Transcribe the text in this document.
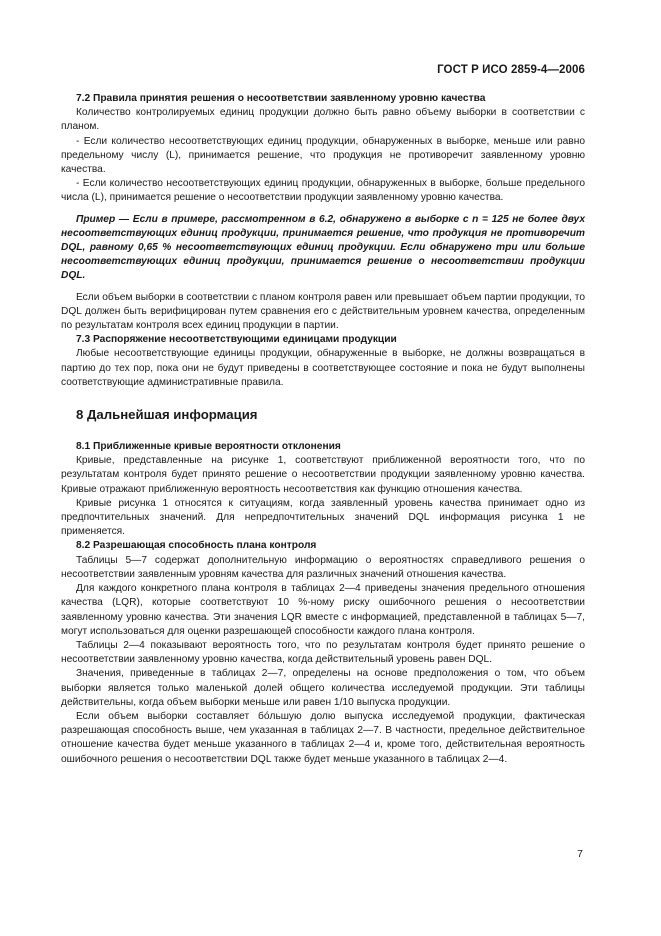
ГОСТ Р ИСО 2859-4—2006

7.2 Правила принятия решения о несоответствии заявленному уровню качества

Количество контролируемых единиц продукции должно быть равно объему выборки в соответствии с планом.

- Если количество несоответствующих единиц продукции, обнаруженных в выборке, меньше или равно предельному числу (L), принимается решение, что продукция не противоречит заявленному уровню качества.

- Если количество несоответствующих единиц продукции, обнаруженных в выборке, больше предельного числа (L), принимается решение о несоответствии продукции заявленному уровню качества.

Пример — Если в примере, рассмотренном в 6.2, обнаружено в выборке с n = 125 не более двух несоответствующих единиц продукции, принимается решение, что продукция не противоречит DQL, равному 0,65 % несоответствующих единиц продукции. Если обнаружено три или больше несоответствующих единиц продукции, принимается решение о несоответствии продукции DQL.

Если объем выборки в соответствии с планом контроля равен или превышает объем партии продукции, то DQL должен быть верифицирован путем сравнения его с действительным уровнем качества, определенным по результатам контроля всех единиц продукции в партии.

7.3 Распоряжение несоответствующими единицами продукции

Любые несоответствующие единицы продукции, обнаруженные в выборке, не должны возвращаться в партию до тех пор, пока они не будут приведены в соответствующее состояние и пока не будут выполнены соответствующие административные правила.

8 Дальнейшая информация

8.1 Приближенные кривые вероятности отклонения

Кривые, представленные на рисунке 1, соответствуют приближенной вероятности того, что по результатам контроля будет принято решение о несоответствии продукции заявленному уровню качества. Кривые отражают приближенную вероятность несоответствия как функцию отношения качества.

Кривые рисунка 1 относятся к ситуациям, когда заявленный уровень качества принимает одно из предпочтительных значений. Для непредпочтительных значений DQL информация рисунка 1 не применяется.

8.2 Разрешающая способность плана контроля

Таблицы 5—7 содержат дополнительную информацию о вероятностях справедливого решения о несоответствии заявленным уровням качества для различных значений отношения качества.

Для каждого конкретного плана контроля в таблицах 2—4 приведены значения предельного отношения качества (LQR), которые соответствуют 10 %-ному риску ошибочного решения о несоответствии заявленному уровню качества. Эти значения LQR вместе с информацией, представленной в таблицах 5—7, могут использоваться для оценки разрешающей способности каждого плана контроля.

Таблицы 2—4 показывают вероятность того, что по результатам контроля будет принято решение о несоответствии заявленному уровню качества, когда действительный уровень равен DQL.

Значения, приведенные в таблицах 2—7, определены на основе предположения о том, что объем выборки является только маленькой долей общего количества исследуемой продукции. Эти таблицы действительны, когда объем выборки меньше или равен 1/10 выпуска продукции.

Если объем выборки составляет бо́льшую долю выпуска исследуемой продукции, фактическая разрешающая способность выше, чем указанная в таблицах 2—7. В частности, предельное действительное отношение качества будет меньше указанного в таблицах 2—4 и, кроме того, действительная вероятность ошибочного решения о несоответствии DQL также будет меньше указанного в таблицах 2—4.

7
